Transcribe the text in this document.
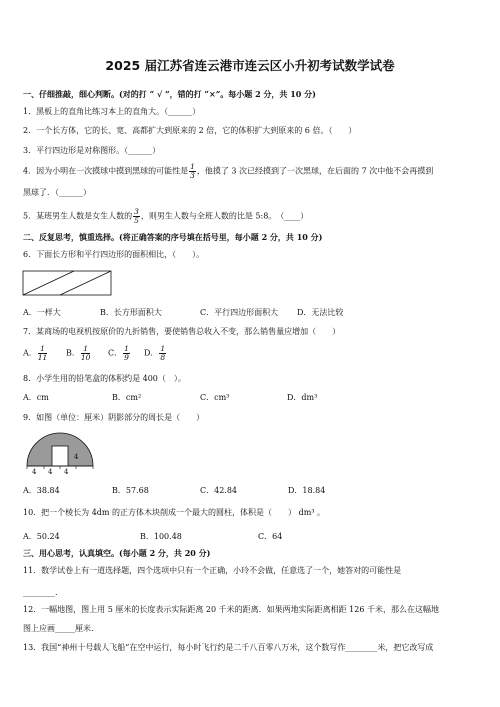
2025 届江苏省连云港市连云区小升初考试数学试卷
一、仔细推敲，细心判断。(对的打 “ √ ”，错的打 “×”。每小题 2 分，共 10 分)
1．黑板上的直角比练习本上的直角大。（______）
2．一个长方体，它的长、宽、高都扩大到原来的 2 倍，它的体积扩大到原来的 6 倍。（　　）
3．平行四边形是对称图形。（______）
4．因为小明在一次摸球中摸到黑球的可能性是 $\frac{1}{3}$ ，他摸了 3 次已经摸到了一次黑球，在后面的 7 次中他不会再摸到
黑球了．（______）
5．某班男生人数是女生人数的 $\frac{3}{5}$ ，则男生人数与全班人数的比是 5:8。　（____）
二、反复思考，慎重选择。(将正确答案的序号填在括号里，每小题 2 分，共 10 分)
6．下面长方形和平行四边形的面积相比，（　　）。
A．一样大	B．长方形面积大	C．平行四边形面积大 D．无法比较
7．某商场的电视机按原价的九折销售，要使销售总收入不变，那么销售量应增加（　　）
A． $\frac{1}{11}$ B． $\frac{1}{10}$ C． $\frac{1}{9}$ D． $\frac{1}{8}$
8．小学生用的铅笔盒的体积约是 400（　）。
A．cm	B．cm²	C．cm³	D．dm³
9．如图（单位：厘米）阴影部分的周长是（　　）
4
4 4 4
A．38.84	B．57.68	C．42.84	D．18.84
10．把一个棱长为 4dm 的正方体木块削成一个最大的圆柱，体积是（　　） dm³ 。
A．50.24	B．100.48	C．64
三、用心思考，认真填空。(每小题 2 分，共 20 分)
11．数学试卷上有一道选择题，四个选项中只有一个正确，小玲不会做，任意选了一个，她答对的可能性是
________.
12．一幅地图，图上用 5 厘米的长度表示实际距离 20 千米的距离．如果两地实际距离相距 126 千米，那么在这幅地
图上应画_____厘米.
13．我国“神州十号载人飞船”在空中运行，每小时飞行约是二千八百零八万米，这个数写作________米，把它改写成
